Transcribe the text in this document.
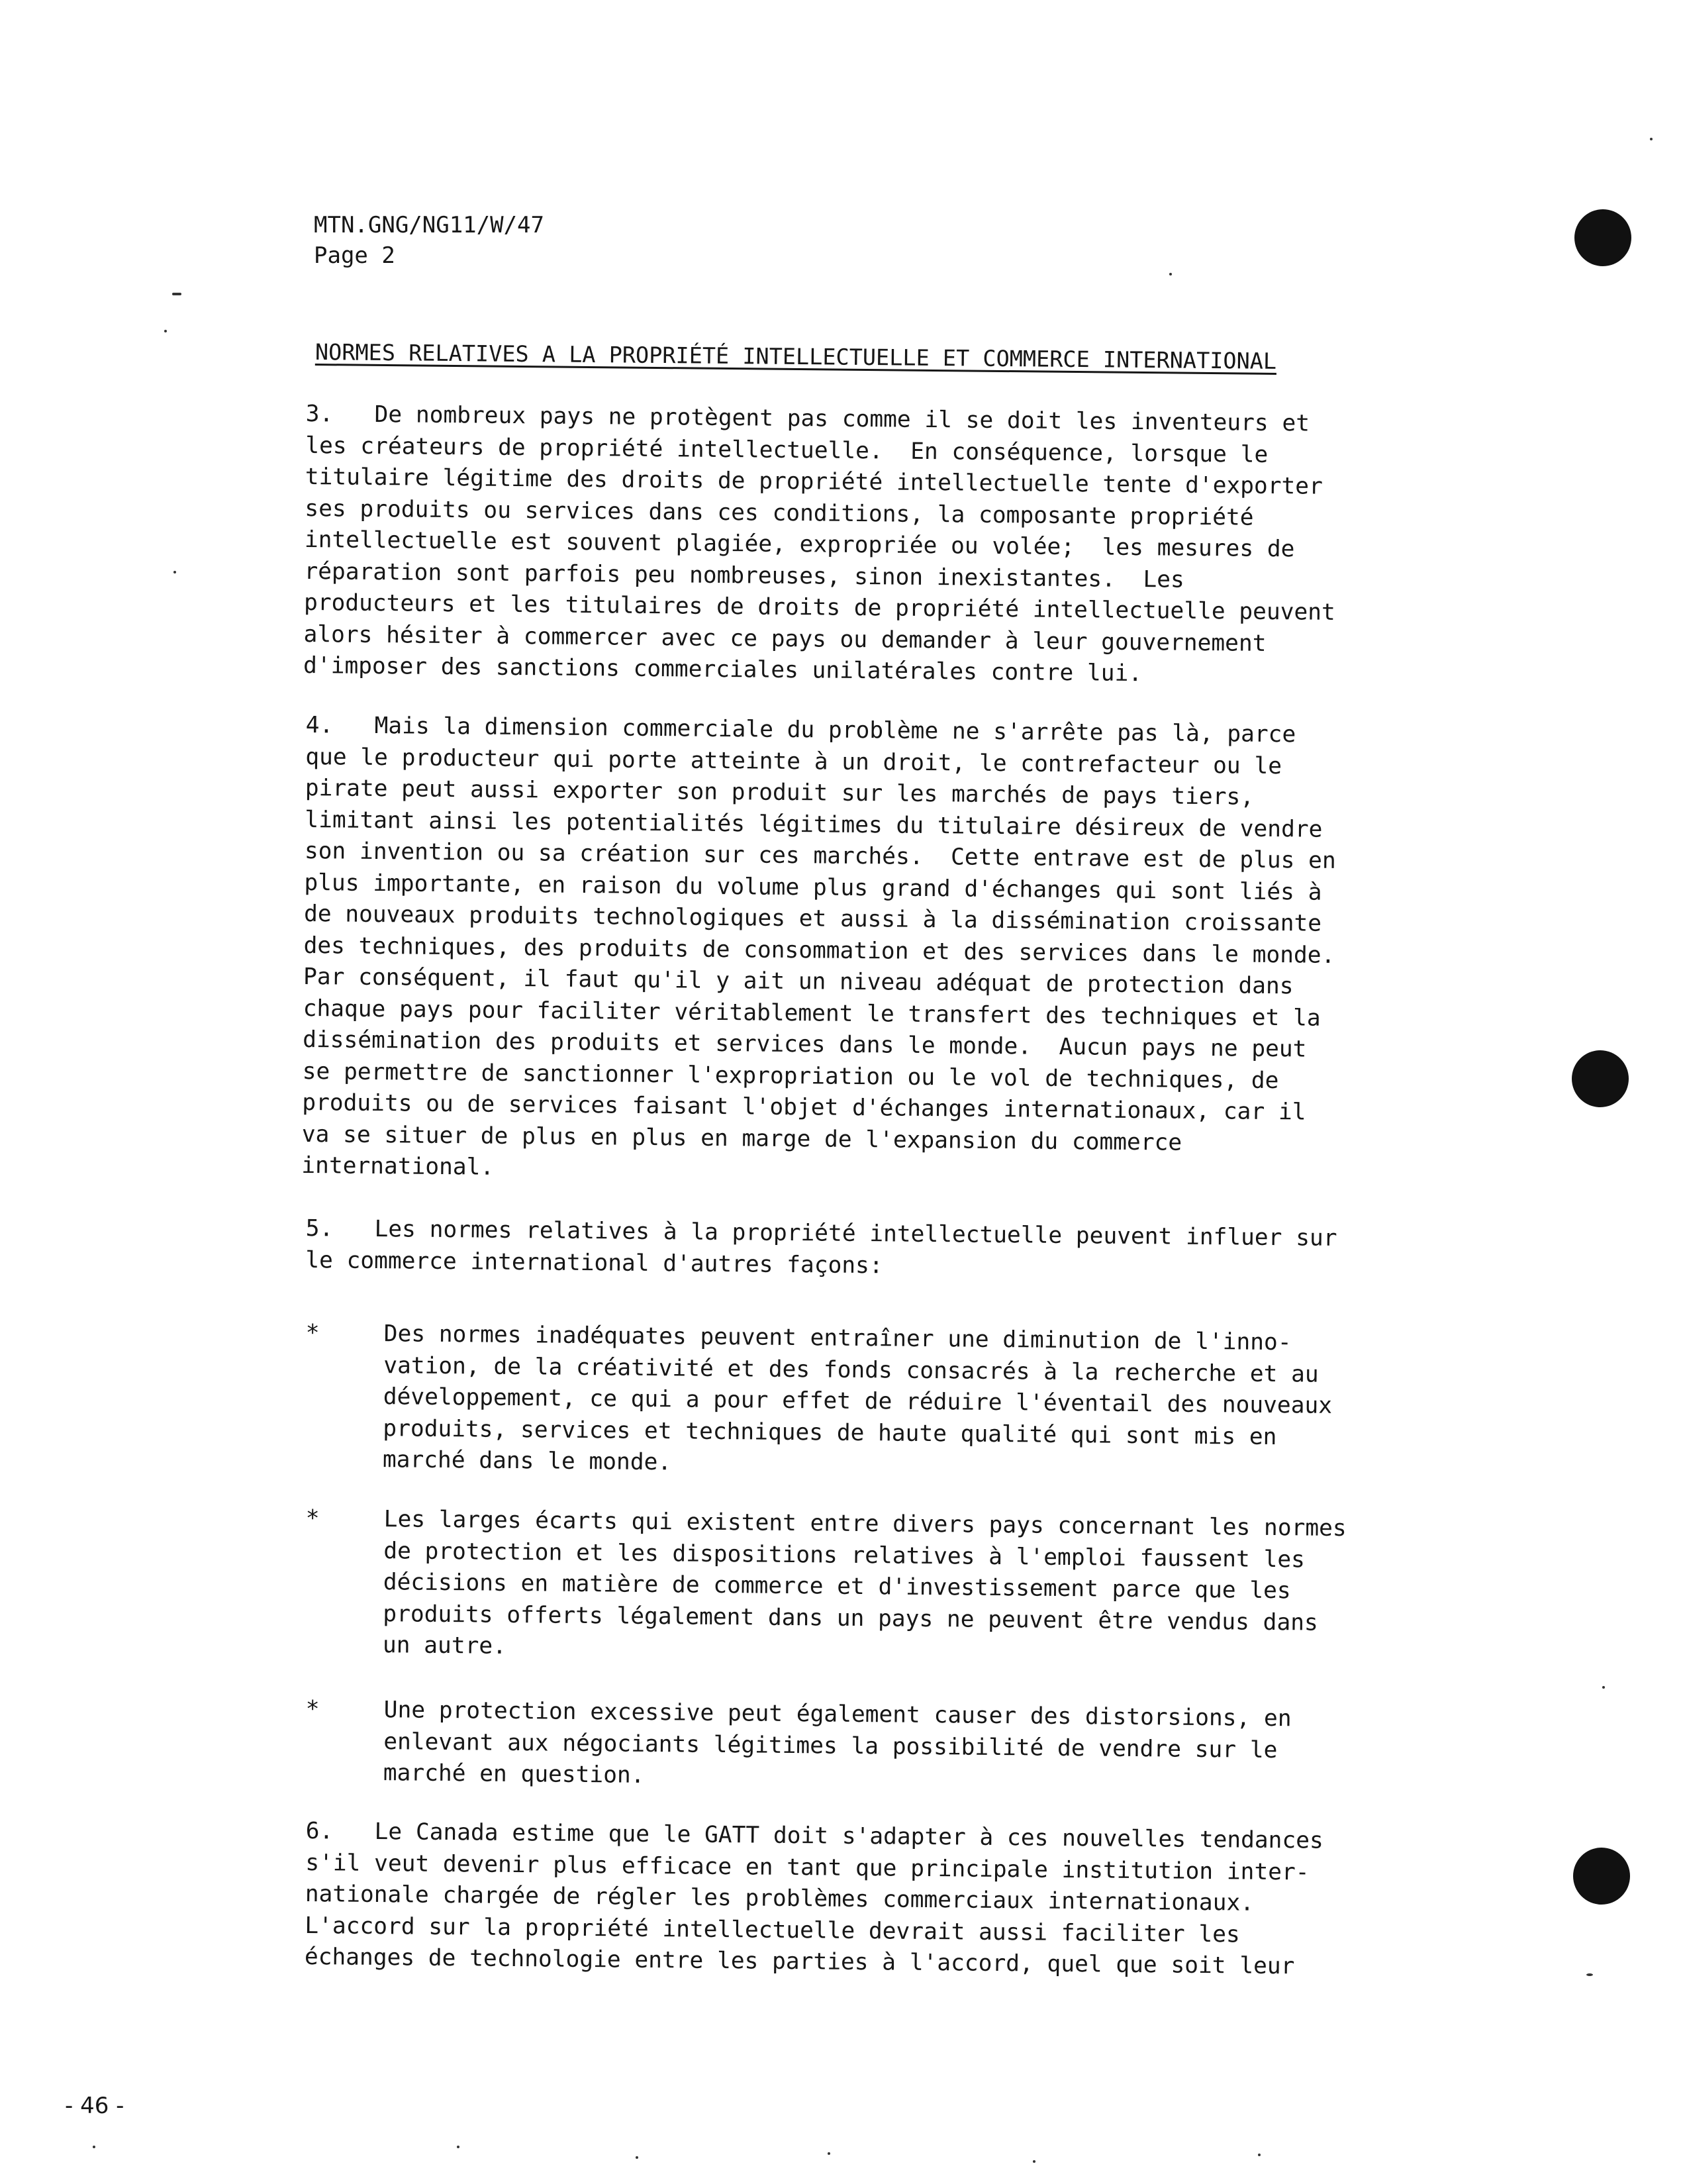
MTN.GNG/NG11/W/47
Page 2
NORMES RELATIVES A LA PROPRIÉTÉ INTELLECTUELLE ET COMMERCE INTERNATIONAL
3.   De nombreux pays ne protègent pas comme il se doit les inventeurs et
les créateurs de propriété intellectuelle.  En conséquence, lorsque le
titulaire légitime des droits de propriété intellectuelle tente d'exporter
ses produits ou services dans ces conditions, la composante propriété
intellectuelle est souvent plagiée, expropriée ou volée;  les mesures de
réparation sont parfois peu nombreuses, sinon inexistantes.  Les
producteurs et les titulaires de droits de propriété intellectuelle peuvent
alors hésiter à commercer avec ce pays ou demander à leur gouvernement
d'imposer des sanctions commerciales unilatérales contre lui.
4.   Mais la dimension commerciale du problème ne s'arrête pas là, parce
que le producteur qui porte atteinte à un droit, le contrefacteur ou le
pirate peut aussi exporter son produit sur les marchés de pays tiers,
limitant ainsi les potentialités légitimes du titulaire désireux de vendre
son invention ou sa création sur ces marchés.  Cette entrave est de plus en
plus importante, en raison du volume plus grand d'échanges qui sont liés à
de nouveaux produits technologiques et aussi à la dissémination croissante
des techniques, des produits de consommation et des services dans le monde.
Par conséquent, il faut qu'il y ait un niveau adéquat de protection dans
chaque pays pour faciliter véritablement le transfert des techniques et la
dissémination des produits et services dans le monde.  Aucun pays ne peut
se permettre de sanctionner l'expropriation ou le vol de techniques, de
produits ou de services faisant l'objet d'échanges internationaux, car il
va se situer de plus en plus en marge de l'expansion du commerce
international.
5.   Les normes relatives à la propriété intellectuelle peuvent influer sur
le commerce international d'autres façons:
*	Des normes inadéquates peuvent entraîner une diminution de l'inno-
vation, de la créativité et des fonds consacrés à la recherche et au
développement, ce qui a pour effet de réduire l'éventail des nouveaux
produits, services et techniques de haute qualité qui sont mis en
marché dans le monde.
*	Les larges écarts qui existent entre divers pays concernant les normes
de protection et les dispositions relatives à l'emploi faussent les
décisions en matière de commerce et d'investissement parce que les
produits offerts légalement dans un pays ne peuvent être vendus dans
un autre.
*	Une protection excessive peut également causer des distorsions, en
enlevant aux négociants légitimes la possibilité de vendre sur le
marché en question.
6.   Le Canada estime que le GATT doit s'adapter à ces nouvelles tendances
s'il veut devenir plus efficace en tant que principale institution inter-
nationale chargée de régler les problèmes commerciaux internationaux.
L'accord sur la propriété intellectuelle devrait aussi faciliter les
échanges de technologie entre les parties à l'accord, quel que soit leur
- 46 -
